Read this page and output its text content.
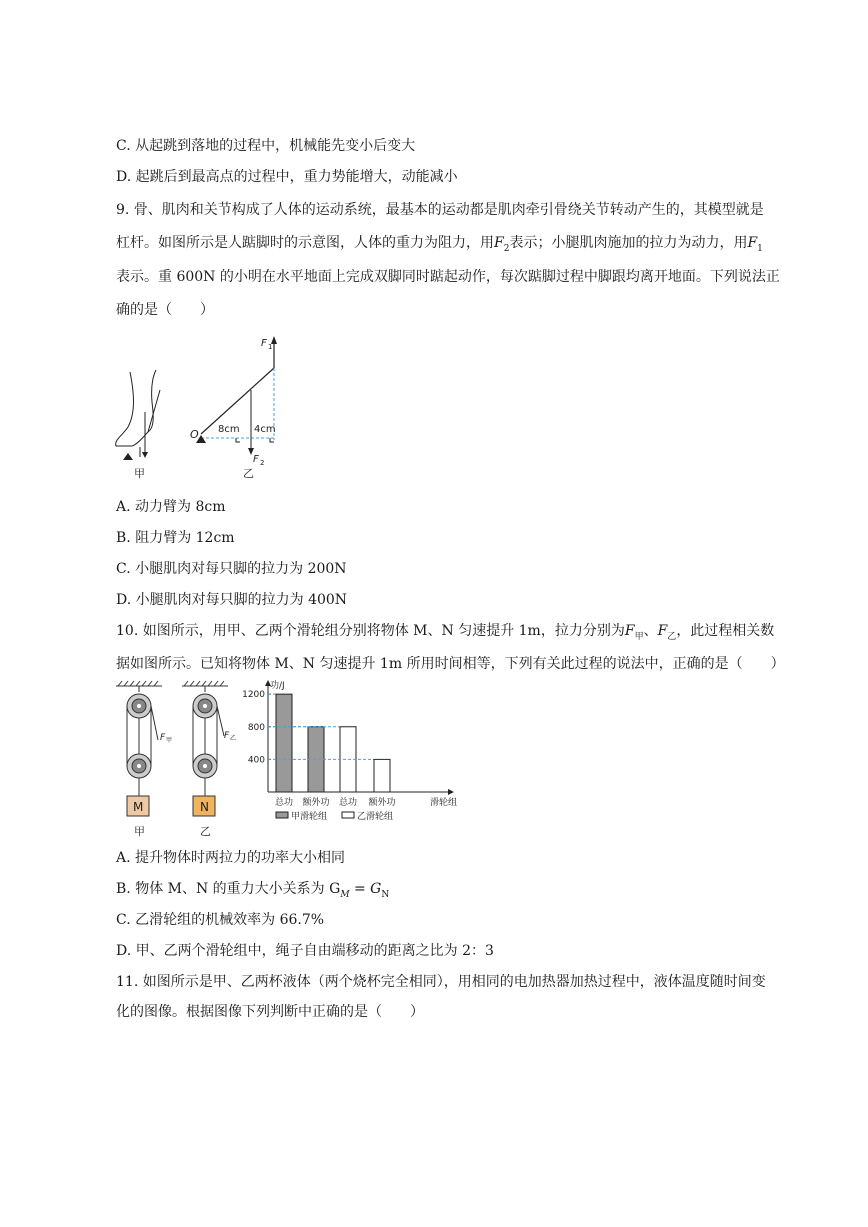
C. 从起跳到落地的过程中，机械能先变小后变大
D. 起跳后到最高点的过程中，重力势能增大，动能减小
9. 骨、肌肉和关节构成了人体的运动系统，最基本的运动都是肌肉牵引骨绕关节转动产生的，其模型就是
杠杆。如图所示是人踮脚时的示意图，人体的重力为阻力，用$F_2$表示；小腿肌肉施加的拉力为动力，用$F_1$
表示。重 600N 的小明在水平地面上完成双脚同时踮起动作，每次踮脚过程中脚跟均离开地面。下列说法正
确的是（　　）
甲
O 8cm 4cm
F 1
F 2
乙
A. 动力臂为 8cm
B. 阻力臂为 12cm
C. 小腿肌肉对每只脚的拉力为 200N
D. 小腿肌肉对每只脚的拉力为 400N
10. 如图所示，用甲、乙两个滑轮组分别将物体 M、N 匀速提升 1m，拉力分别为$F_甲$、$F_乙$，此过程相关数
据如图所示。已知将物体 M、N 匀速提升 1m 所用时间相等，下列有关此过程的说法中，正确的是（　　）
M
甲
F 甲
N
乙
F 乙
功/J
滑轮组
400
800
1200
总功 额外功 总功 额外功
甲滑轮组	乙滑轮组
A. 提升物体时两拉力的功率大小相同
B. 物体 M、N 的重力大小关系为 $G_M = G_N$
C. 乙滑轮组的机械效率为 66.7%
D. 甲、乙两个滑轮组中，绳子自由端移动的距离之比为 2：3
11. 如图所示是甲、乙两杯液体（两个烧杯完全相同），用相同的电加热器加热过程中，液体温度随时间变
化的图像。根据图像下列判断中正确的是（　　）
